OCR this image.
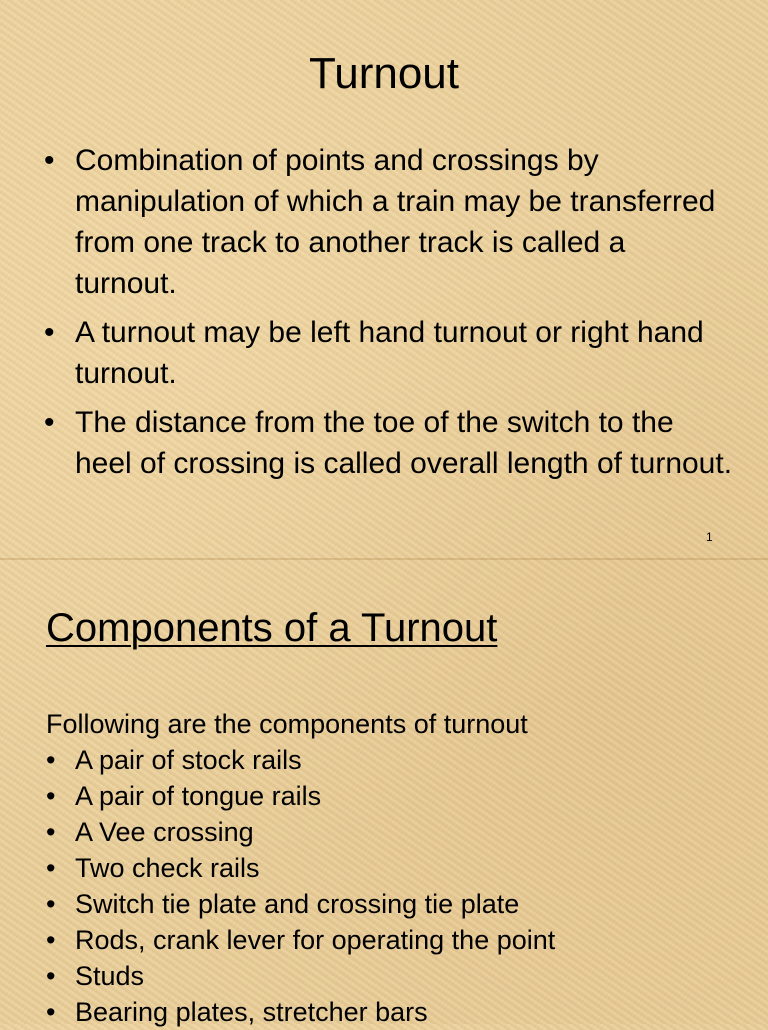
Turnout
• Combination of points and crossings by manipulation of which a train may be transferred from one track to another track is called a turnout.
• A turnout may be left hand turnout or right hand turnout.
• The distance from the toe of the switch to the heel of crossing is called overall length of turnout.
1
Components of a Turnout

Following are the components of turnout

• A pair of stock rails
• A pair of tongue rails
• A Vee crossing
• Two check rails
• Switch tie plate and crossing tie plate
• Rods, crank lever for operating the point
• Studs
• Bearing plates, stretcher bars
